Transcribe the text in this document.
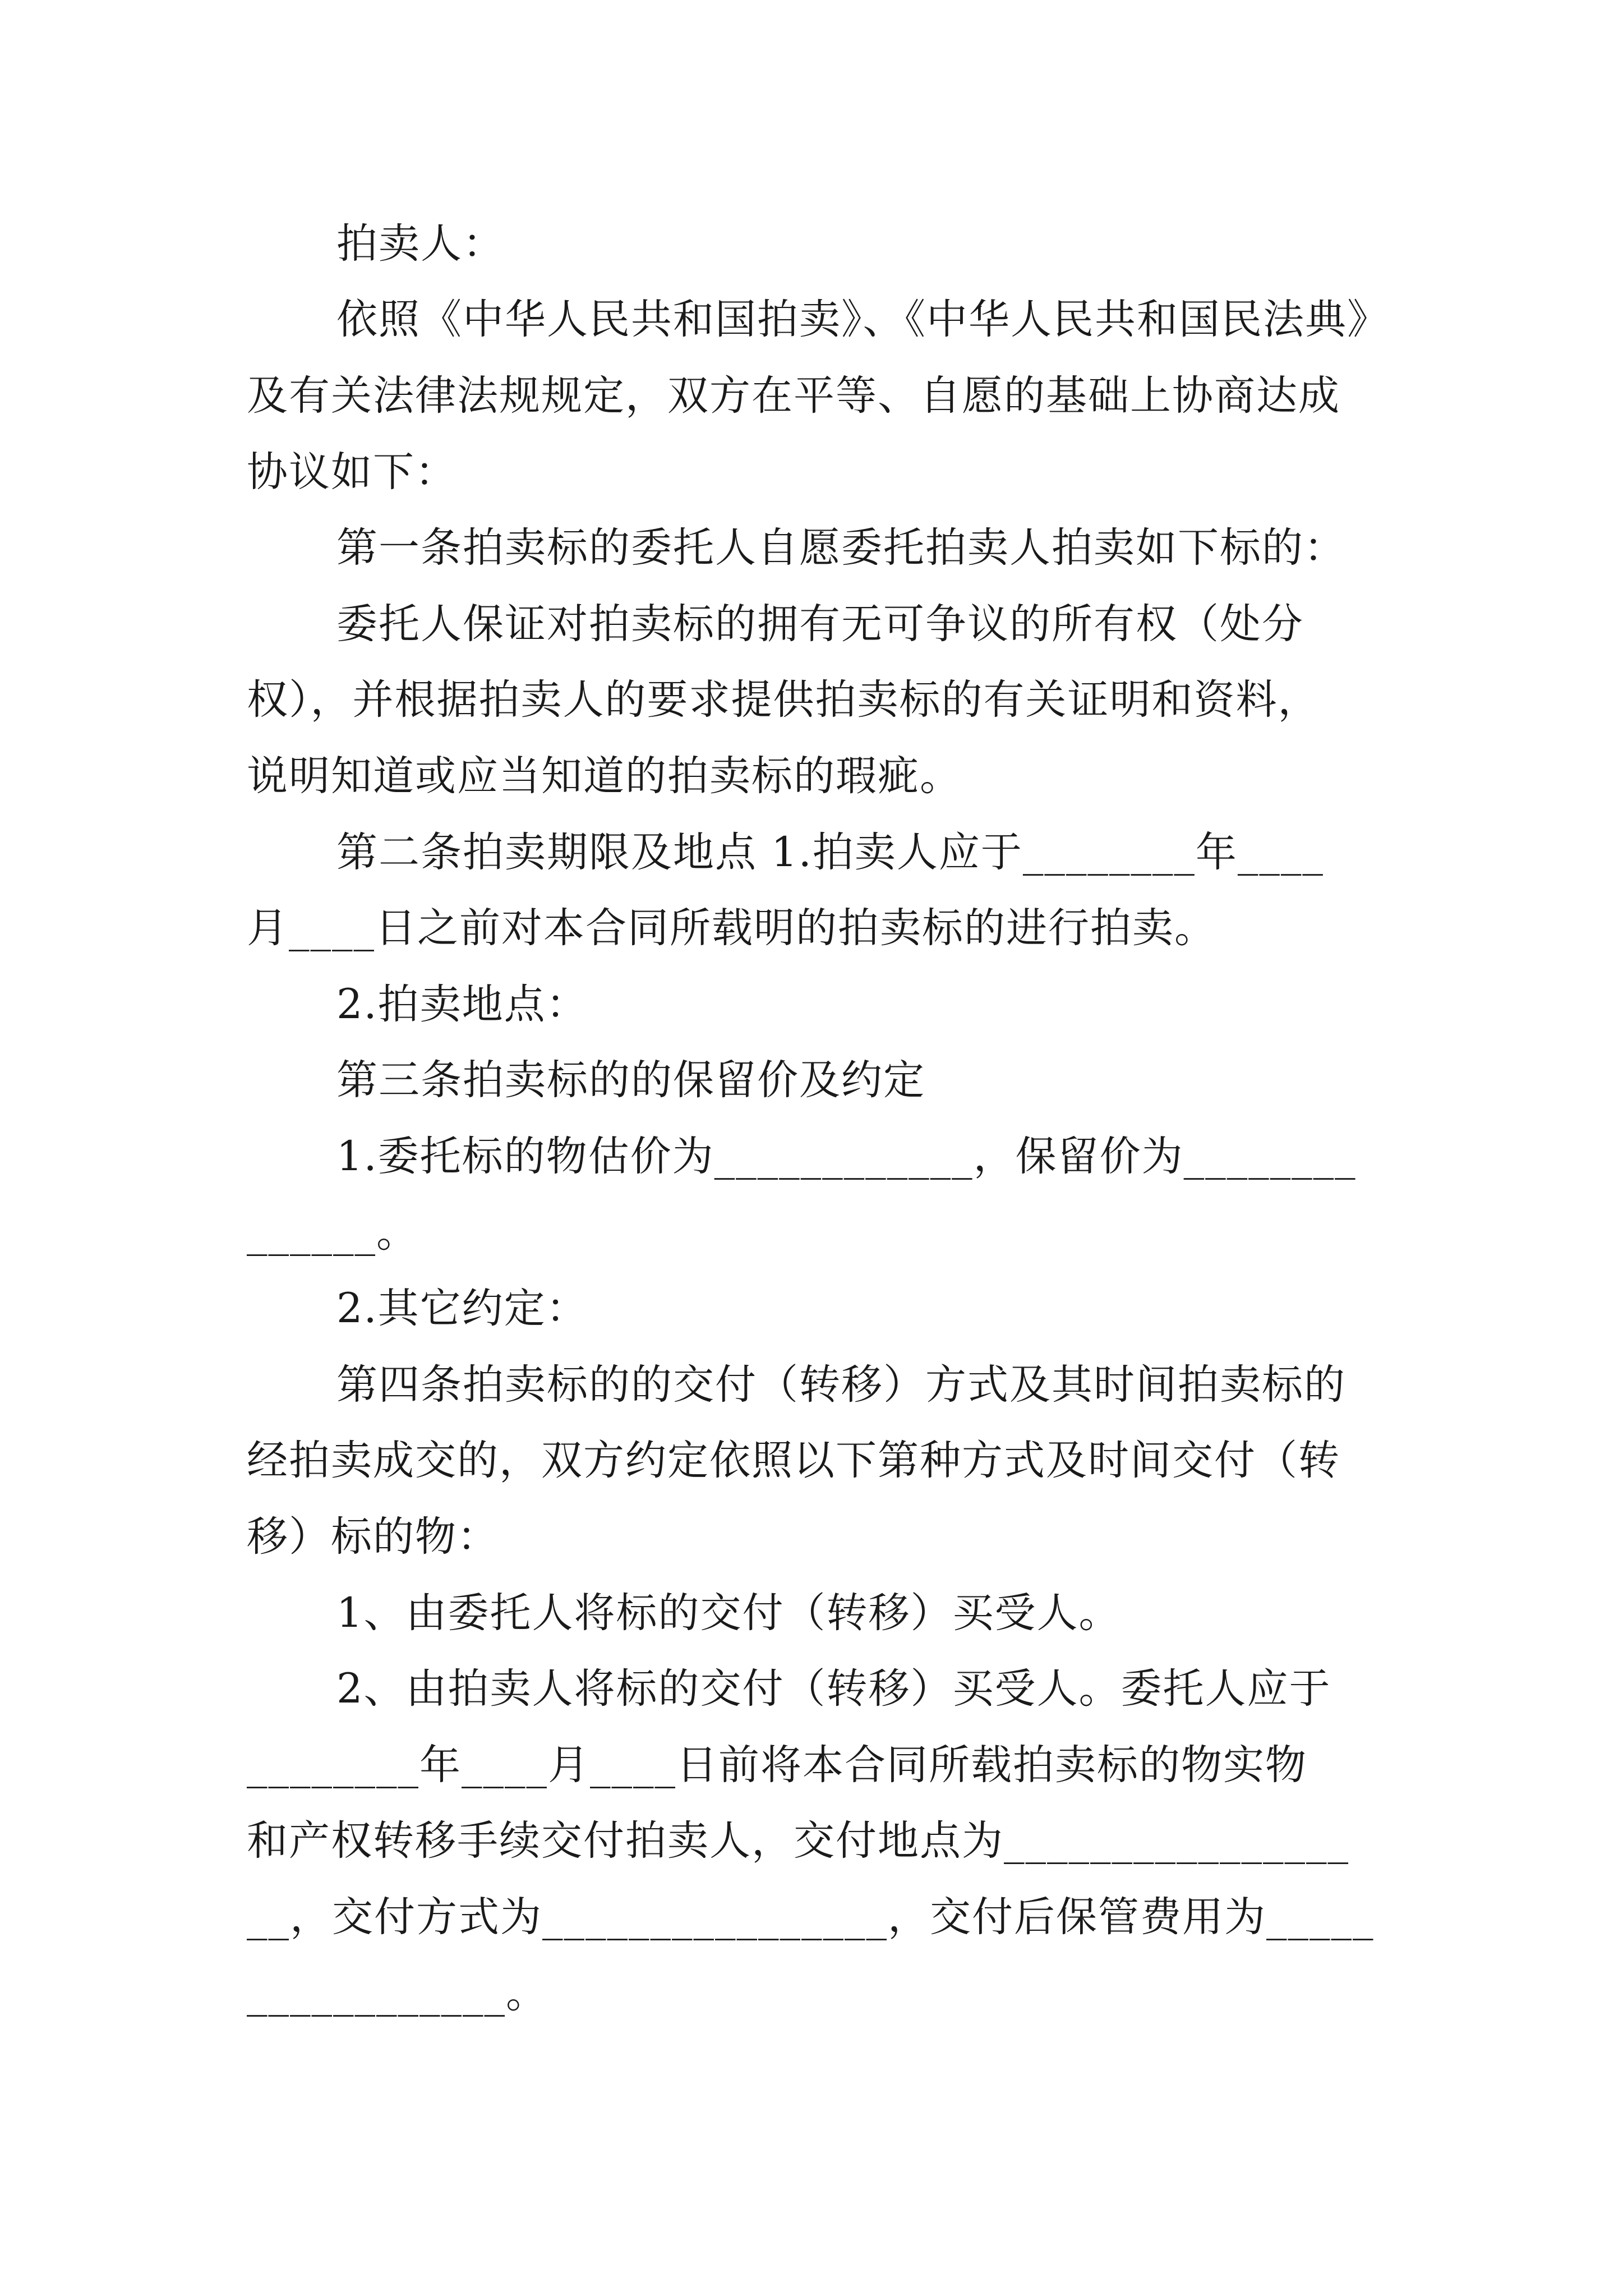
拍卖人：
依照《中华人民共和国拍卖》、《中华人民共和国民法典》
及有关法律法规规定，双方在平等、自愿的基础上协商达成
协议如下：
第一条拍卖标的委托人自愿委托拍卖人拍卖如下标的：
委托人保证对拍卖标的拥有无可争议的所有权（处分
权），并根据拍卖人的要求提供拍卖标的有关证明和资料，
说明知道或应当知道的拍卖标的瑕疵。
第二条拍卖期限及地点 1.拍卖人应于________年____
月____日之前对本合同所载明的拍卖标的进行拍卖。
2.拍卖地点：
第三条拍卖标的的保留价及约定
1.委托标的物估价为____________，保留价为________
______。
2.其它约定：
第四条拍卖标的的交付（转移）方式及其时间拍卖标的
经拍卖成交的，双方约定依照以下第种方式及时间交付（转
移）标的物：
1、由委托人将标的交付（转移）买受人。
2、由拍卖人将标的交付（转移）买受人。委托人应于
________年____月____日前将本合同所载拍卖标的物实物
和产权转移手续交付拍卖人，交付地点为________________
__，交付方式为________________，交付后保管费用为_____
____________。
